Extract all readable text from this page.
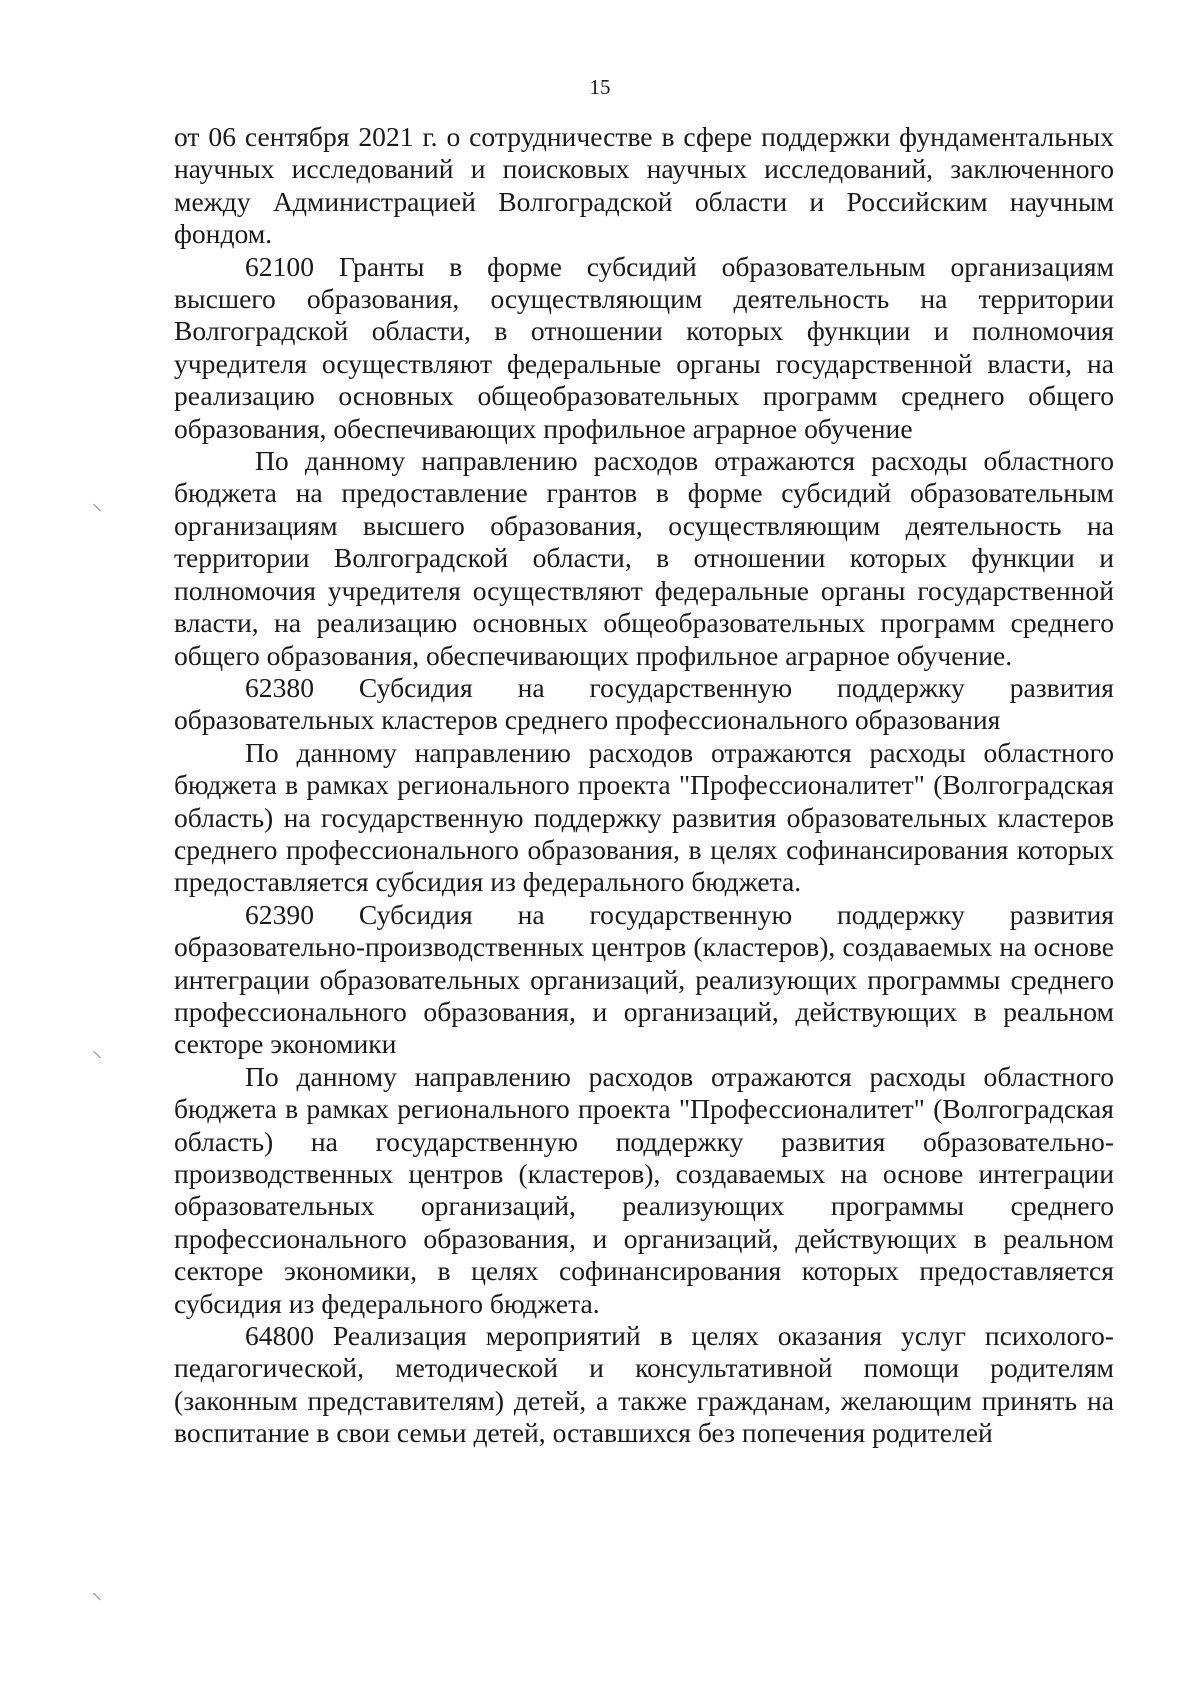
15

от 06 сентября 2021 г. о сотрудничестве в сфере поддержки фундаментальных научных исследований и поисковых научных исследований, заключенного между Администрацией Волгоградской области и Российским научным фондом.

62100 Гранты в форме субсидий образовательным организациям высшего образования, осуществляющим деятельность на территории Волгоградской области, в отношении которых функции и полномочия учредителя осуществляют федеральные органы государственной власти, на реализацию основных общеобразовательных программ среднего общего образования, обеспечивающих профильное аграрное обучение

По данному направлению расходов отражаются расходы областного бюджета на предоставление грантов в форме субсидий образовательным организациям высшего образования, осуществляющим деятельность на территории Волгоградской области, в отношении которых функции и полномочия учредителя осуществляют федеральные органы государственной власти, на реализацию основных общеобразовательных программ среднего общего образования, обеспечивающих профильное аграрное обучение.

62380 Субсидия на государственную поддержку развития образовательных кластеров среднего профессионального образования

По данному направлению расходов отражаются расходы областного бюджета в рамках регионального проекта "Профессионалитет" (Волгоградская область) на государственную поддержку развития образовательных кластеров среднего профессионального образования, в целях софинансирования которых предоставляется субсидия из федерального бюджета.

62390 Субсидия на государственную поддержку развития образовательно-производственных центров (кластеров), создаваемых на основе интеграции образовательных организаций, реализующих программы среднего профессионального образования, и организаций, действующих в реальном секторе экономики

По данному направлению расходов отражаются расходы областного бюджета в рамках регионального проекта "Профессионалитет" (Волгоградская область) на государственную поддержку развития образовательно-производственных центров (кластеров), создаваемых на основе интеграции образовательных организаций, реализующих программы среднего профессионального образования, и организаций, действующих в реальном секторе экономики, в целях софинансирования которых предоставляется субсидия из федерального бюджета.

64800 Реализация мероприятий в целях оказания услуг психолого-педагогической, методической и консультативной помощи родителям (законным представителям) детей, а также гражданам, желающим принять на воспитание в свои семьи детей, оставшихся без попечения родителей
